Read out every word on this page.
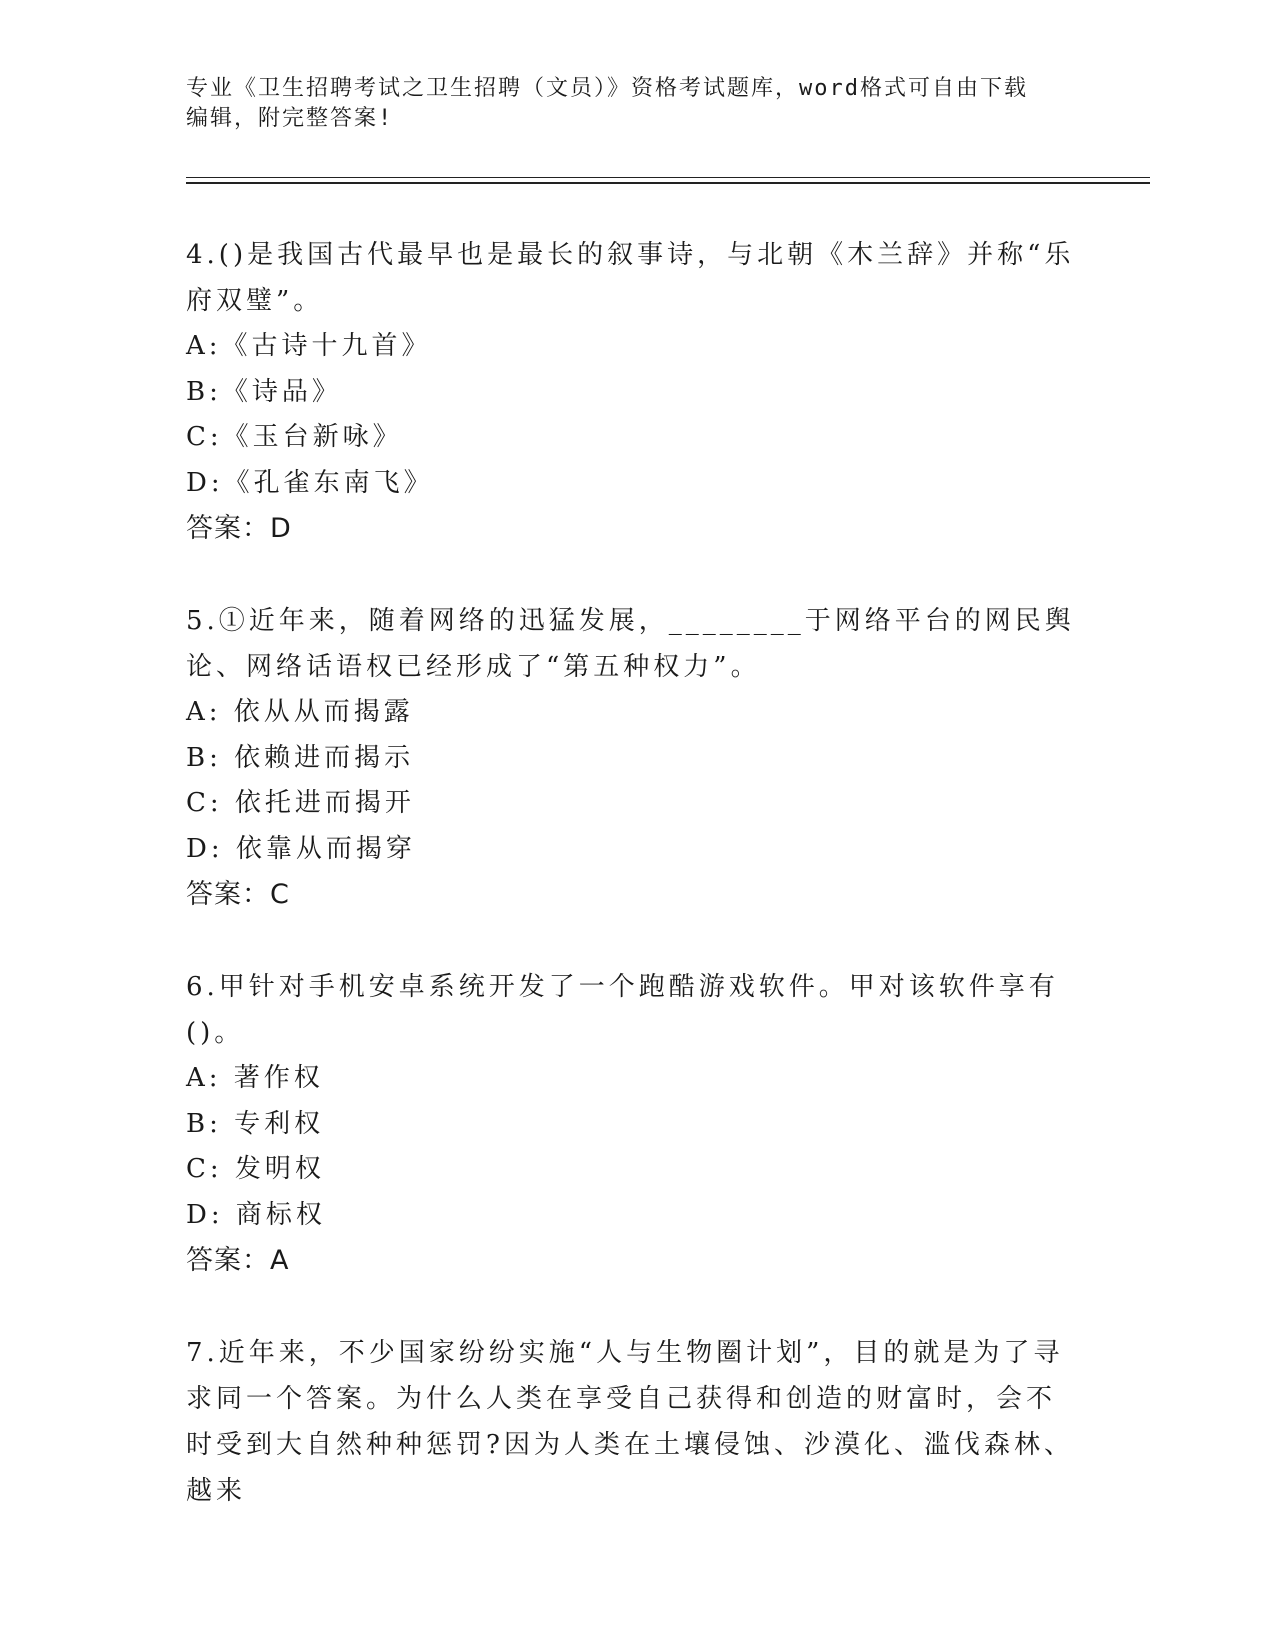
专业《卫生招聘考试之卫生招聘（文员）》资格考试题库，word格式可自由下载
编辑，附完整答案!

4.()是我国古代最早也是最长的叙事诗，与北朝《木兰辞》并称“乐府双璧”。

A:《古诗十九首》

B:《诗品》

C:《玉台新咏》

D:《孔雀东南飞》

答案：D

5.①近年来，随着网络的迅猛发展，________于网络平台的网民舆论、网络话语权已经形成了“第五种权力”。

A: 依从从而揭露

B: 依赖进而揭示

C: 依托进而揭开

D: 依靠从而揭穿

答案：C

6.甲针对手机安卓系统开发了一个跑酷游戏软件。甲对该软件享有()。

A: 著作权

B: 专利权

C: 发明权

D: 商标权

答案：A

7.近年来，不少国家纷纷实施“人与生物圈计划”，目的就是为了寻求同一个答案。为什么人类在享受自己获得和创造的财富时，会不时受到大自然种种惩罚?因为人类在土壤侵蚀、沙漠化、滥伐森林、越来
